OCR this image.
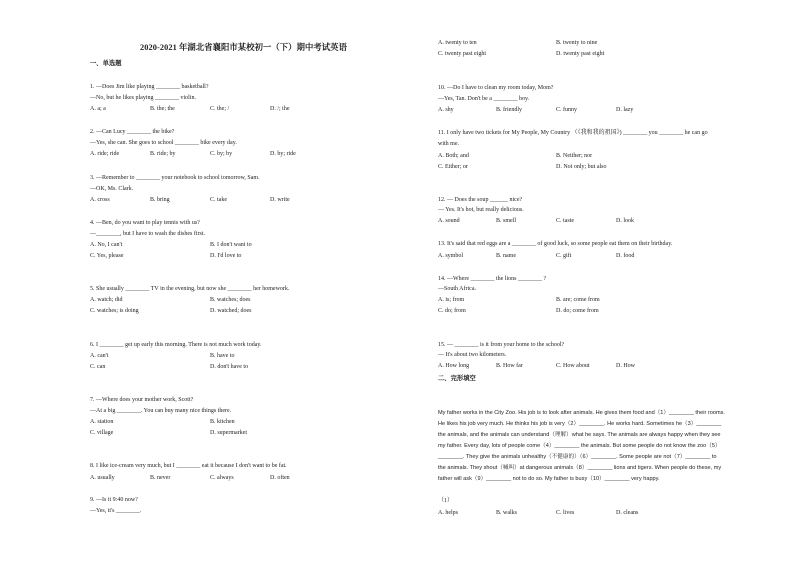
2020-2021 年湖北省襄阳市某校初一（下）期中考试英语
一、单选题
1. —Does Jim like playing ________ basketball?
—No, but he likes playing ________ violin.
A. a; a	B. the; the	C. the; /	D. /; the
2. —Can Lucy ________ the bike?
—Yes, she can. She goes to school ________ bike every day.
A. ride; ride	B. ride; by	C. by; by	D. by; ride
3. —Remember to ________ your notebook to school tomorrow, Sam.
—OK, Ms. Clark.
A. cross	B. bring	C. take	D. write
4. —Ben, do you want to play tennis with us?
—________, but I have to wash the dishes first.
A. No, I can't	B. I don't want to
C. Yes, please	D. I'd love to
5. She usually ________ TV in the evening, but now she ________ her homework.
A. watch; did	B. watches; does
C. watches; is doing	D. watched; does
6. I ________ get up early this morning. There is not much work today.
A. can't	B. have to
C. can	D. don't have to
7. —Where does your mother work, Scott?
—At a big ________. You can buy many nice things there.
A. station	B. kitchen
C. village	D. supermarket
8. I like ice-cream very much, but I ________ eat it because I don't want to be fat.
A. usually	B. never	C. always	D. often
9. —Is it 9:40 now?
—Yes, it's ________.
A. twenty to ten	B. twenty to nine
C. twenty past eight	D. twenty past eight
10. —Do I have to clean my room today, Mom?
—Yes, Tan. Don't be a ________ boy.
A. shy	B. friendly	C. funny	D. lazy
11. I only have two tickets for My People, My Country （《我和我的祖国》) ________ you ________ he can go
with me.
A. Both; and	B. Neither; nor
C. Either; or	D. Not only; but also
12. — Does the soup ______ nice?
— Yes. It's hot, but really delicious.
A. sound	B. smell	C. taste	D. look
13. It's said that red eggs are a ________ of good luck, so some people eat them on their birthday.
A. symbol	B. name	C. gift	D. food
14. —Where ________ the lions ________ ?
—South Africa.
A. is; from	B. are; come from
C. do; from	D. do; come from
15. — ________ is it from your home to the school?
— It's about two kilometers.
A. How long	B. How far	C. How about	D. How
二、完形填空
My father works in the City Zoo. His job is to look after animals. He gives them food and（1）________ their rooms.
He likes his job very much. He thinks his job is very（2）________. He works hard. Sometimes he（3）________
the animals, and the animals can understand（理解）what he says. The animals are always happy when they see
my father. Every day, lots of people come（4）________ the animals. But some people do not know the zoo（5）
________. They give the animals unhealthy（不健康的）（6）________. Some people are not（7）________ to
the animals. They shout（喊叫）at dangerous animals（8）________ lions and tigers. When people do these, my
father will ask（9）________ not to do so. My father is busy（10）________ very happy.
（1）
A. helps	B. walks	C. lives	D. cleans
